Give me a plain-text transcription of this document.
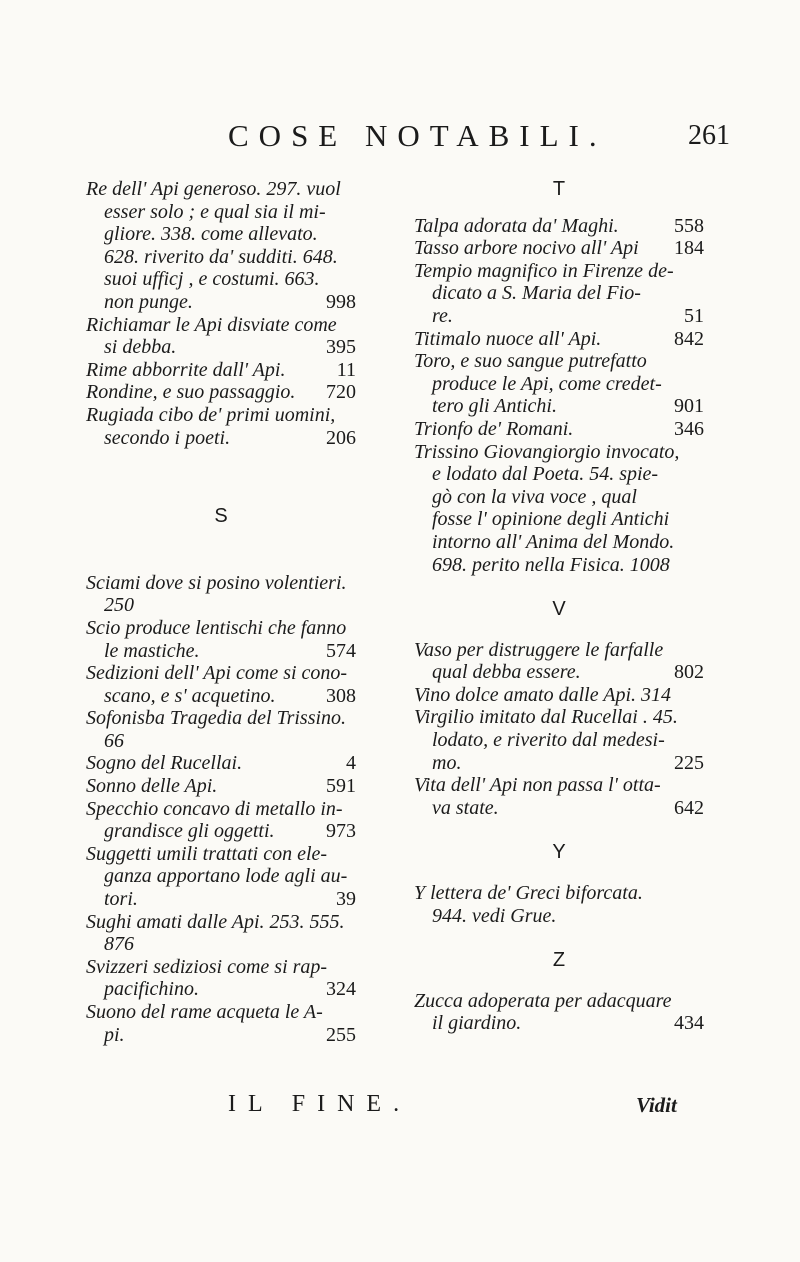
COSE NOTABILI.	261
Re dell' Api generoso. 297. vuol
esser solo ; e qual sia il mi-
gliore. 338. come allevato.
628. riverito da' sudditi. 648.
suoi ufficj , e costumi. 663.
non punge.	998
Richiamar le Api disviate come
si debba.	395
Rime abborrite dall' Api.	11
Rondine, e suo passaggio.	720
Rugiada cibo de' primi uomini,
secondo i poeti.	206
S
Sciami dove si posino volentieri.
250
Scio produce lentischi che fanno
le mastiche.	574
Sedizioni dell' Api come si cono-
scano, e s' acquetino.	308
Sofonisba Tragedia del Trissino.
66
Sogno del Rucellai.	4
Sonno delle Api.	591
Specchio concavo di metallo in-
grandisce gli oggetti.	973
Suggetti umili trattati con ele-
ganza apportano lode agli au-
tori.	39
Sughi amati dalle Api. 253. 555.
876
Svizzeri sediziosi come si rap-
pacifichino.	324
Suono del rame acqueta le A-
pi.	255
T
Talpa adorata da' Maghi.	558
Tasso arbore nocivo all' Api	184
Tempio magnifico in Firenze de-
dicato a S. Maria del Fio-
re.	51
Titimalo nuoce all' Api.	842
Toro, e suo sangue putrefatto
produce le Api, come credet-
tero gli Antichi.	901
Trionfo de' Romani.	346
Trissino Giovangiorgio invocato,
e lodato dal Poeta. 54. spie-
gò con la viva voce , qual
fosse l' opinione degli Antichi
intorno all' Anima del Mondo.
698. perito nella Fisica. 1008
V
Vaso per distruggere le farfalle
qual debba essere.	802
Vino dolce amato dalle Api. 314
Virgilio imitato dal Rucellai . 45.
lodato, e riverito dal medesi-
mo.	225
Vita dell' Api non passa l' otta-
va state.	642
Y
Y lettera de' Greci biforcata.
944. vedi Grue.
Z
Zucca adoperata per adacquare
il giardino.	434
IL FINE.	Vidit
